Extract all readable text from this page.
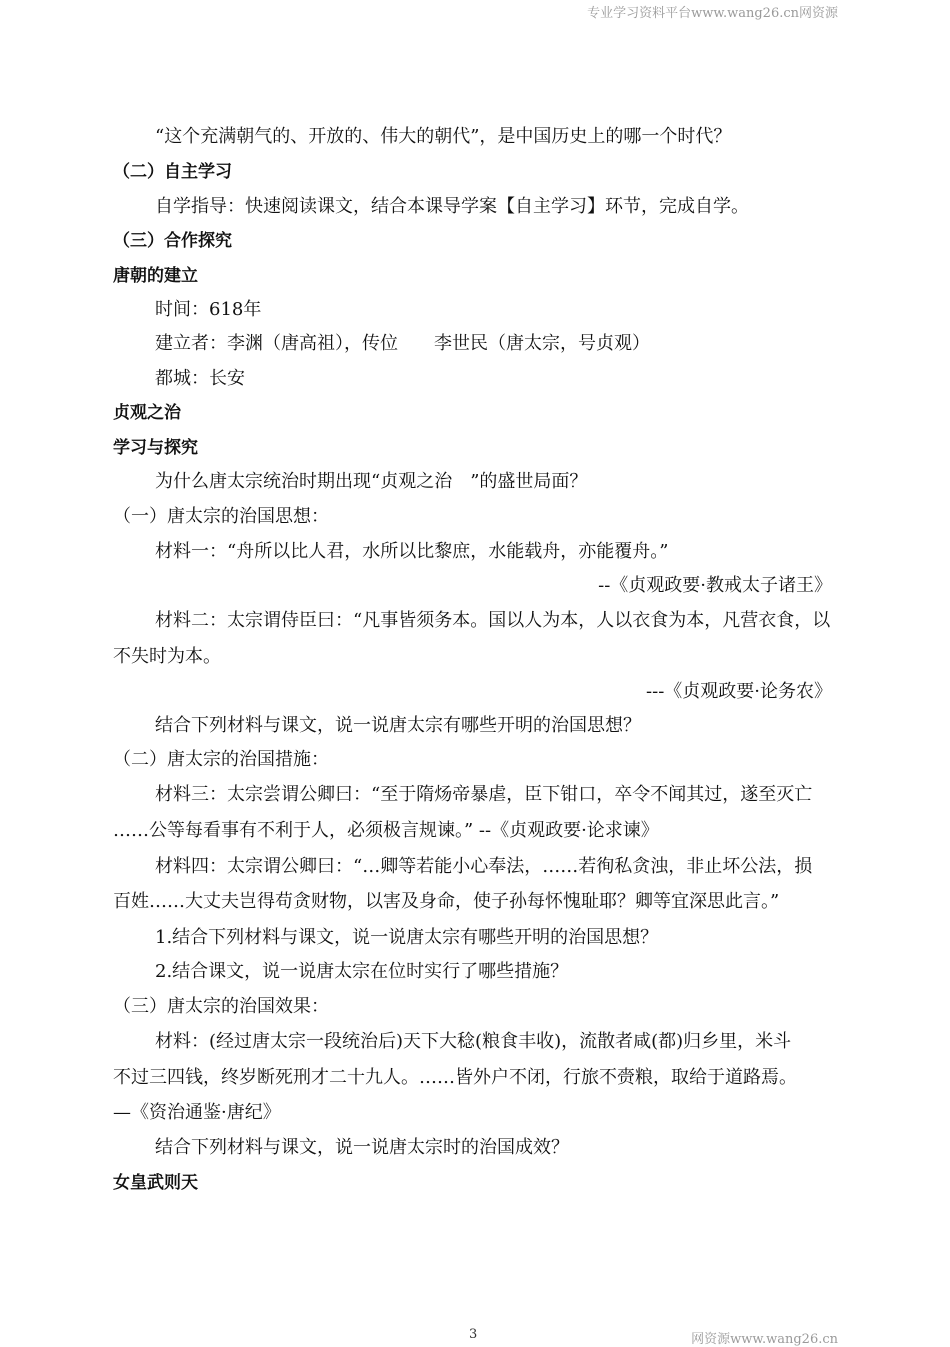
专业学习资料平台www.wang26.cn网资源
“这个充满朝气的、开放的、伟大的朝代”，是中国历史上的哪一个时代？
（二）自主学习
自学指导：快速阅读课文，结合本课导学案【自主学习】环节，完成自学。
（三）合作探究
唐朝的建立
时间：618年
建立者：李渊（唐高祖），传位　　李世民（唐太宗，号贞观）
都城：长安
贞观之治
学习与探究
为什么唐太宗统治时期出现“贞观之治　”的盛世局面？
（一）唐太宗的治国思想：
材料一：“舟所以比人君，水所以比黎庶，水能载舟，亦能覆舟。”
--《贞观政要·教戒太子诸王》
材料二：太宗谓侍臣曰：“凡事皆须务本。国以人为本，人以衣食为本，凡营衣食，以
不失时为本。
---《贞观政要·论务农》
结合下列材料与课文，说一说唐太宗有哪些开明的治国思想？
（二）唐太宗的治国措施：
材料三：太宗尝谓公卿曰：“至于隋炀帝暴虐，臣下钳口，卒令不闻其过，遂至灭亡
……公等每看事有不利于人，必须极言规谏。” --《贞观政要·论求谏》
材料四：太宗谓公卿曰：“…卿等若能小心奉法，……若徇私贪浊，非止坏公法，损
百姓……大丈夫岂得苟贪财物，以害及身命，使子孙每怀愧耻耶？卿等宜深思此言。”
1.结合下列材料与课文，说一说唐太宗有哪些开明的治国思想？
2.结合课文，说一说唐太宗在位时实行了哪些措施？
（三）唐太宗的治国效果：
材料：(经过唐太宗一段统治后)天下大稔(粮食丰收)，流散者咸(都)归乡里，米斗
不过三四钱，终岁断死刑才二十九人。……皆外户不闭，行旅不赍粮，取给于道路焉。
—《资治通鉴·唐纪》
结合下列材料与课文，说一说唐太宗时的治国成效？
女皇武则天
3	网资源www.wang26.cn
